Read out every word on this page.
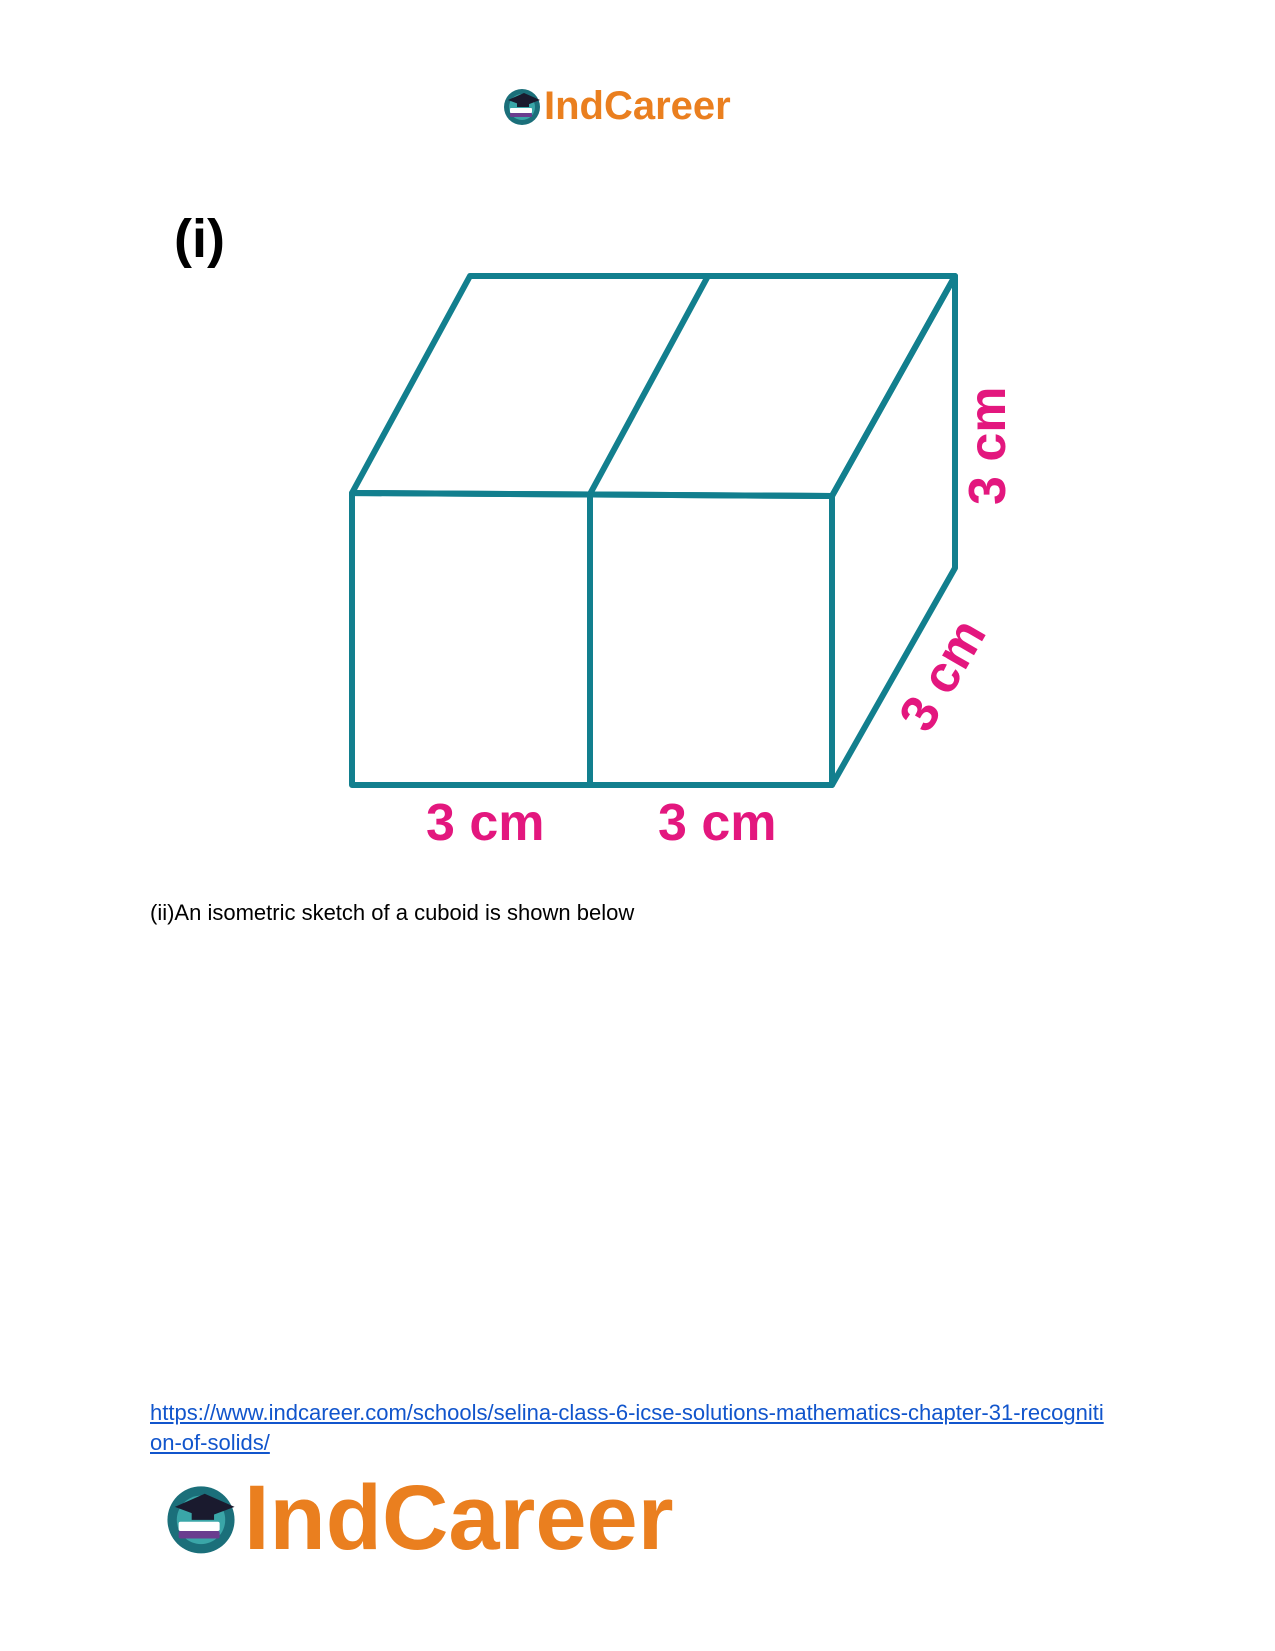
IndCareer
(i)
3 cm 3 cm
3 cm
3 cm
(ii)An isometric sketch of a cuboid is shown below
https://www.indcareer.com/schools/selina-class-6-icse-solutions-mathematics-chapter-31-recognition-of-solids/
IndCareer
